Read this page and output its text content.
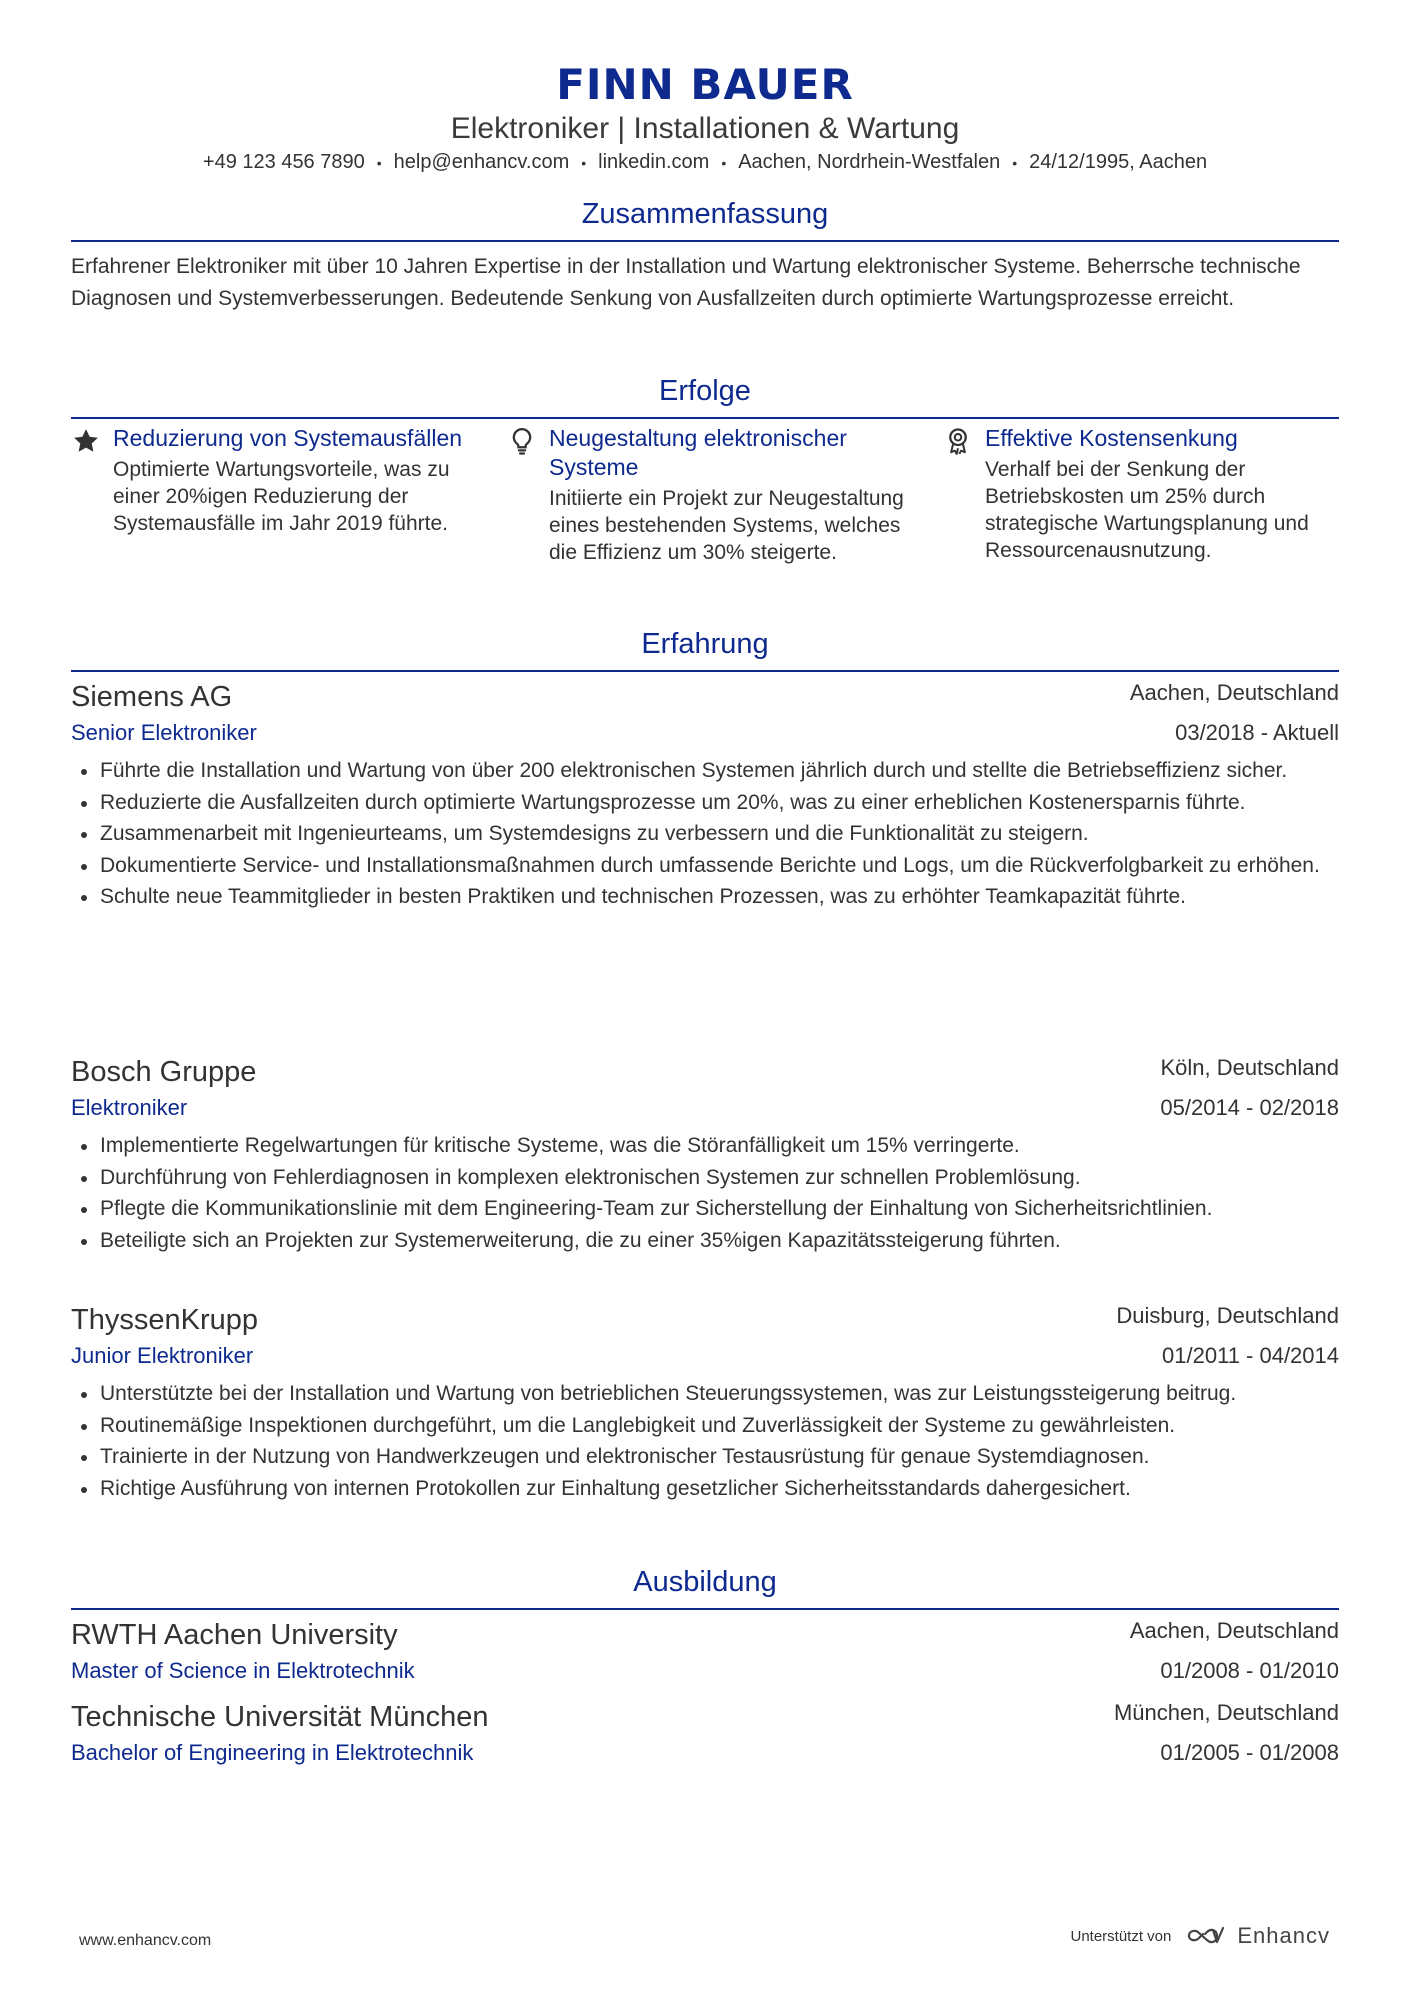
FINN BAUER
Elektroniker | Installationen & Wartung
+49 123 456 7890 • help@enhancv.com • linkedin.com • Aachen, Nordrhein-Westfalen • 24/12/1995, Aachen
Zusammenfassung
Erfahrener Elektroniker mit über 10 Jahren Expertise in der Installation und Wartung elektronischer Systeme. Beherrsche technische Diagnosen und Systemverbesserungen. Bedeutende Senkung von Ausfallzeiten durch optimierte Wartungsprozesse erreicht.
Erfolge
Reduzierung von Systemausfällen
Optimierte Wartungsvorteile, was zu einer 20%igen Reduzierung der Systemausfälle im Jahr 2019 führte.
Neugestaltung elektronischer Systeme
Initiierte ein Projekt zur Neugestaltung eines bestehenden Systems, welches die Effizienz um 30% steigerte.
Effektive Kostensenkung
Verhalf bei der Senkung der Betriebskosten um 25% durch strategische Wartungsplanung und Ressourcenausnutzung.
Erfahrung
Siemens AG	Aachen, Deutschland
Senior Elektroniker	03/2018 - Aktuell
Führte die Installation und Wartung von über 200 elektronischen Systemen jährlich durch und stellte die Betriebseffizienz sicher.
Reduzierte die Ausfallzeiten durch optimierte Wartungsprozesse um 20%, was zu einer erheblichen Kostenersparnis führte.
Zusammenarbeit mit Ingenieurteams, um Systemdesigns zu verbessern und die Funktionalität zu steigern.
Dokumentierte Service- und Installationsmaßnahmen durch umfassende Berichte und Logs, um die Rückverfolgbarkeit zu erhöhen.
Schulte neue Teammitglieder in besten Praktiken und technischen Prozessen, was zu erhöhter Teamkapazität führte.
Bosch Gruppe	Köln, Deutschland
Elektroniker	05/2014 - 02/2018
Implementierte Regelwartungen für kritische Systeme, was die Störanfälligkeit um 15% verringerte.
Durchführung von Fehlerdiagnosen in komplexen elektronischen Systemen zur schnellen Problemlösung.
Pflegte die Kommunikationslinie mit dem Engineering-Team zur Sicherstellung der Einhaltung von Sicherheitsrichtlinien.
Beteiligte sich an Projekten zur Systemerweiterung, die zu einer 35%igen Kapazitätssteigerung führten.
ThyssenKrupp	Duisburg, Deutschland
Junior Elektroniker	01/2011 - 04/2014
Unterstützte bei der Installation und Wartung von betrieblichen Steuerungssystemen, was zur Leistungssteigerung beitrug.
Routinemäßige Inspektionen durchgeführt, um die Langlebigkeit und Zuverlässigkeit der Systeme zu gewährleisten.
Trainierte in der Nutzung von Handwerkzeugen und elektronischer Testausrüstung für genaue Systemdiagnosen.
Richtige Ausführung von internen Protokollen zur Einhaltung gesetzlicher Sicherheitsstandards dahergesichert.
Ausbildung
RWTH Aachen University	Aachen, Deutschland
Master of Science in Elektrotechnik	01/2008 - 01/2010
Technische Universität München	München, Deutschland
Bachelor of Engineering in Elektrotechnik	01/2005 - 01/2008
www.enhancv.com	Unterstützt von	Enhancv
